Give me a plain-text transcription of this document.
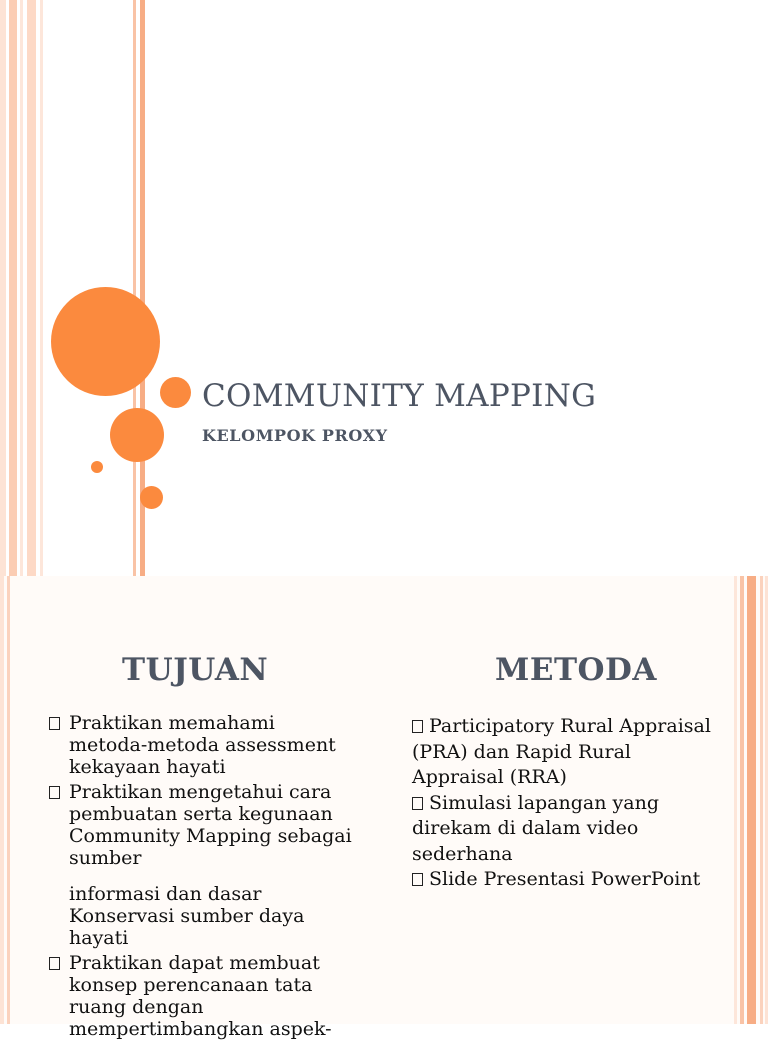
COMMUNITY MAPPING
KELOMPOK PROXY
TUJUAN	METODA
Praktikan memahami metoda-metoda assessment kekayaan hayati
Praktikan mengetahui cara pembuatan serta kegunaan Community Mapping sebagai sumber
informasi dan dasar Konservasi sumber daya hayati
Praktikan dapat membuat konsep perencanaan tata ruang dengan mempertimbangkan aspek-
Participatory Rural Appraisal (PRA) dan Rapid Rural Appraisal (RRA)
Simulasi lapangan yang direkam di dalam video sederhana
Slide Presentasi PowerPoint
